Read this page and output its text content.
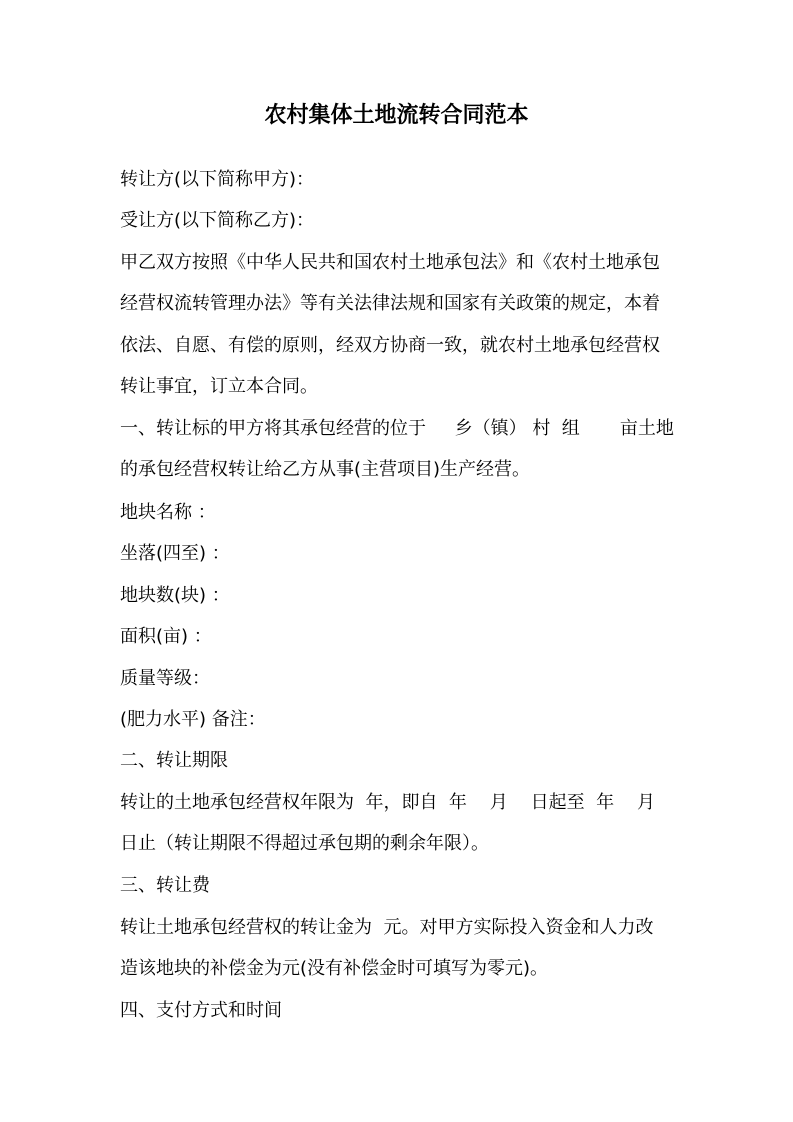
农村集体土地流转合同范本
转让方(以下简称甲方)：
受让方(以下简称乙方)：
甲乙双方按照《中华人民共和国农村土地承包法》和《农村土地承包
经营权流转管理办法》等有关法律法规和国家有关政策的规定，本着
依法、自愿、有偿的原则，经双方协商一致，就农村土地承包经营权
转让事宜，订立本合同。
一、转让标的甲方将其承包经营的位于     乡（镇） 村  组       亩土地
的承包经营权转让给乙方从事(主营项目)生产经营。
地块名称 ：
坐落(四至) ：
地块数(块) ：
面积(亩) ：
质量等级：
(肥力水平) 备注：
二、转让期限
转让的土地承包经营权年限为  年，即自  年    月    日起至  年    月
日止（转让期限不得超过承包期的剩余年限）。
三、转让费
转让土地承包经营权的转让金为  元。对甲方实际投入资金和人力改
造该地块的补偿金为元(没有补偿金时可填写为零元)。
四、支付方式和时间
